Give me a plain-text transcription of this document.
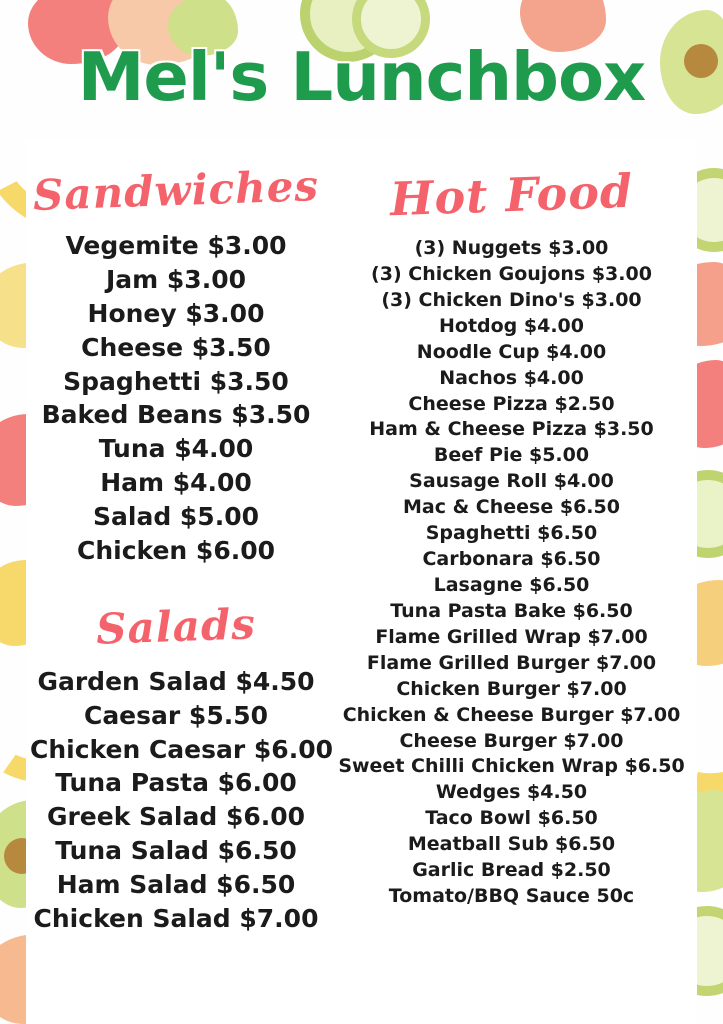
Mel's Lunchbox
Sandwiches
Vegemite $3.00
Jam $3.00
Honey $3.00
Cheese $3.50
Spaghetti $3.50
Baked Beans $3.50
Tuna $4.00
Ham $4.00
Salad $5.00
Chicken $6.00
Salads
Garden Salad $4.50
Caesar $5.50
Chicken Caesar $6.00
Tuna Pasta $6.00
Greek Salad $6.00
Tuna Salad $6.50
Ham Salad $6.50
Chicken Salad $7.00
Hot Food
(3) Nuggets $3.00
(3) Chicken Goujons $3.00
(3) Chicken Dino's $3.00
Hotdog $4.00
Noodle Cup $4.00
Nachos $4.00
Cheese Pizza $2.50
Ham & Cheese Pizza $3.50
Beef Pie $5.00
Sausage Roll $4.00
Mac & Cheese $6.50
Spaghetti $6.50
Carbonara $6.50
Lasagne $6.50
Tuna Pasta Bake $6.50
Flame Grilled Wrap $7.00
Flame Grilled Burger $7.00
Chicken Burger $7.00
Chicken & Cheese Burger $7.00
Cheese Burger $7.00
Sweet Chilli Chicken Wrap $6.50
Wedges $4.50
Taco Bowl $6.50
Meatball Sub $6.50
Garlic Bread $2.50
Tomato/BBQ Sauce 50c
